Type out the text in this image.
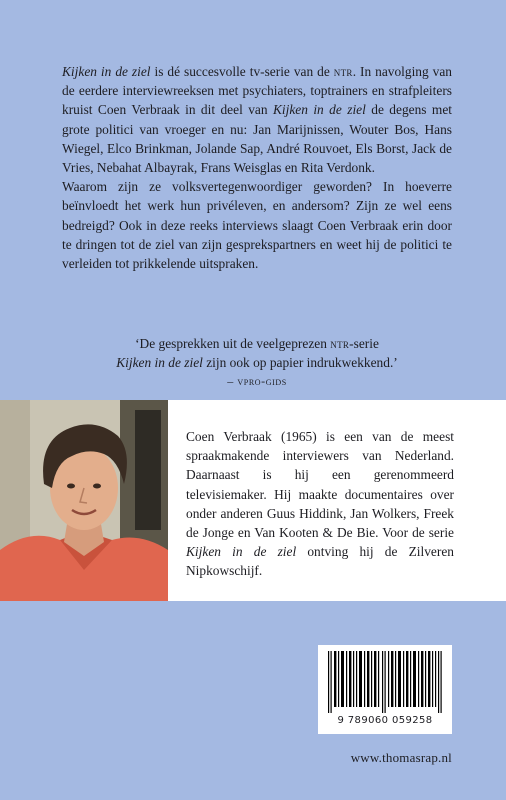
Kijken in de ziel is dé succesvolle tv-serie van de ntr. In navolging van de eerdere interviewreeksen met psychiaters, toptrainers en strafpleiters kruist Coen Verbraak in dit deel van Kijken in de ziel de degens met grote politici van vroeger en nu: Jan Marijnissen, Wouter Bos, Hans Wiegel, Elco Brinkman, Jolande Sap, André Rouvoet, Els Borst, Jack de Vries, Nebahat Albayrak, Frans Weisglas en Rita Verdonk.

Waarom zijn ze volksvertegenwoordiger geworden? In hoeverre beïnvloedt het werk hun privéleven, en andersom? Zijn ze wel eens bedreigd? Ook in deze reeks interviews slaagt Coen Verbraak erin door te dringen tot de ziel van zijn gesprekspartners en weet hij de politici te verleiden tot prikkelende uitspraken.

‘De gesprekken uit de veelgeprezen ntr-serie
Kijken in de ziel zijn ook op papier indrukwekkend.’
– vpro-gids

Coen Verbraak (1965) is een van de meest spraakmakende interviewers van Nederland. Daarnaast is hij een gerenommeerd televisiemaker. Hij maakte documentaires over onder anderen Guus Hiddink, Jan Wolkers, Freek de Jonge en Van Kooten & De Bie. Voor de serie Kijken in de ziel ontving hij de Zilveren Nipkowschijf.

9 789060 059258
www.thomasrap.nl
